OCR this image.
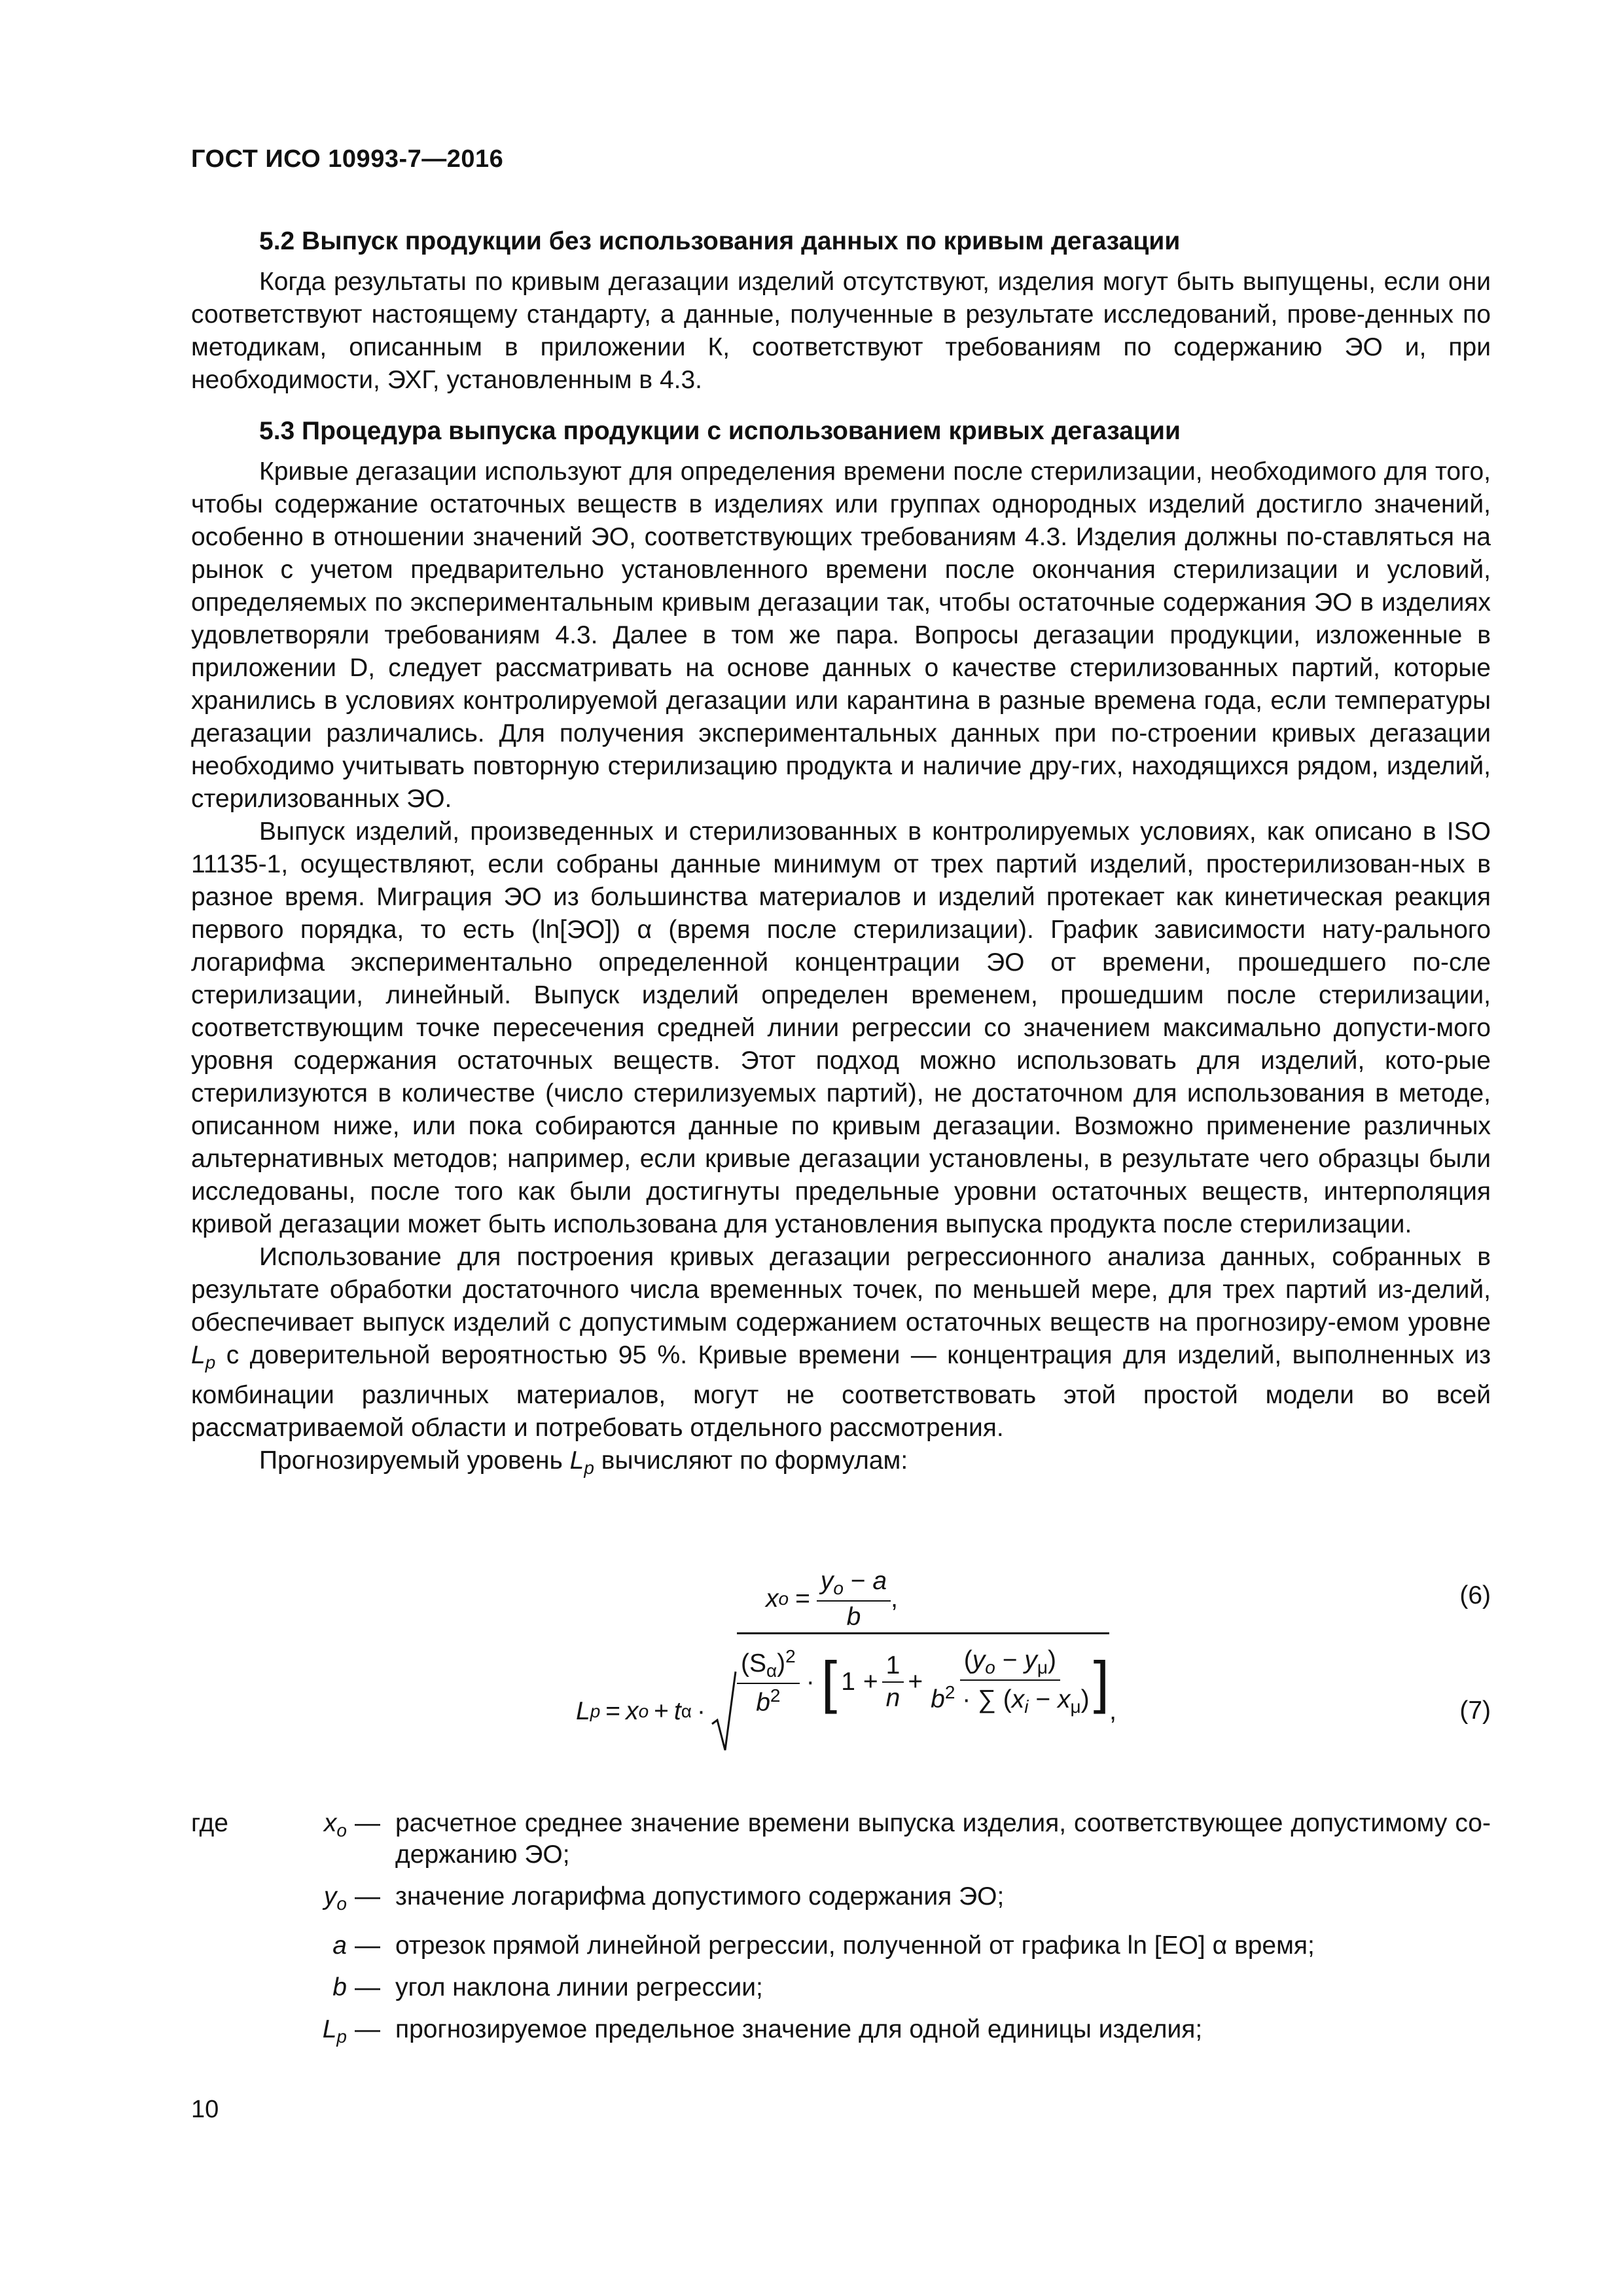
ГОСТ ИСО 10993-7—2016

5.2 Выпуск продукции без использования данных по кривым дегазации

Когда результаты по кривым дегазации изделий отсутствуют, изделия могут быть выпущены, если они соответствуют настоящему стандарту, а данные, полученные в результате исследований, прове-денных по методикам, описанным в приложении К, соответствуют требованиям по содержанию ЭО и, при необходимости, ЭХГ, установленным в 4.3.

5.3 Процедура выпуска продукции с использованием кривых дегазации

Кривые дегазации используют для определения времени после стерилизации, необходимого для того, чтобы содержание остаточных веществ в изделиях или группах однородных изделий достигло значений, особенно в отношении значений ЭО, соответствующих требованиям 4.3. Изделия должны по-ставляться на рынок с учетом предварительно установленного времени после окончания стерилизации и условий, определяемых по экспериментальным кривым дегазации так, чтобы остаточные содержания ЭО в изделиях удовлетворяли требованиям 4.3. Далее в том же пара. Вопросы дегазации продукции, изложенные в приложении D, следует рассматривать на основе данных о качестве стерилизованных партий, которые хранились в условиях контролируемой дегазации или карантина в разные времена года, если температуры дегазации различались. Для получения экспериментальных данных при по-строении кривых дегазации необходимо учитывать повторную стерилизацию продукта и наличие дру-гих, находящихся рядом, изделий, стерилизованных ЭО.

Выпуск изделий, произведенных и стерилизованных в контролируемых условиях, как описано в ISO 11135-1, осуществляют, если собраны данные минимум от трех партий изделий, простерилизован-ных в разное время. Миграция ЭО из большинства материалов и изделий протекает как кинетическая реакция первого порядка, то есть (ln[ЭО]) α (время после стерилизации). График зависимости нату-рального логарифма экспериментально определенной концентрации ЭО от времени, прошедшего по-сле стерилизации, линейный. Выпуск изделий определен временем, прошедшим после стерилизации, соответствующим точке пересечения средней линии регрессии со значением максимально допусти-мого уровня содержания остаточных веществ. Этот подход можно использовать для изделий, кото-рые стерилизуются в количестве (число стерилизуемых партий), не достаточном для использования в методе, описанном ниже, или пока собираются данные по кривым дегазации. Возможно применение различных альтернативных методов; например, если кривые дегазации установлены, в результате чего образцы были исследованы, после того как были достигнуты предельные уровни остаточных веществ, интерполяция кривой дегазации может быть использована для установления выпуска продукта после стерилизации.

Использование для построения кривых дегазации регрессионного анализа данных, собранных в результате обработки достаточного числа временных точек, по меньшей мере, для трех партий из-делий, обеспечивает выпуск изделий с допустимым содержанием остаточных веществ на прогнозиру-емом уровне $L_p$ с доверительной вероятностью 95 %. Кривые времени — концентрация для изделий, выполненных из комбинации различных материалов, могут не соответствовать этой простой модели во всей рассматриваемой области и потребовать отдельного рассмотрения.

Прогнозируемый уровень $L_p$ вычисляют по формулам:

x $o = \frac{y_o - a}{b}$ ,	(6)
L p = x o + t $\alpha \cdot \frac{(S_\alpha)^2}{b^2}$ · [ $1 + \frac{1}{n} + \frac{(y_o - y_\mu)}{b^2 \cdot \sum (x_i - x_\mu)}$ ] ,	(7)
где	$x_o$ — расчетное среднее значение времени выпуска изделия, соответствующее допустимому со-держанию ЭО;
$y_o$ — значение логарифма допустимого содержания ЭО;
a — отрезок прямой линейной регрессии, полученной от графика ln [EO] α время;
b — угол наклона линии регрессии;
$L_p$ — прогнозируемое предельное значение для одной единицы изделия;
10
